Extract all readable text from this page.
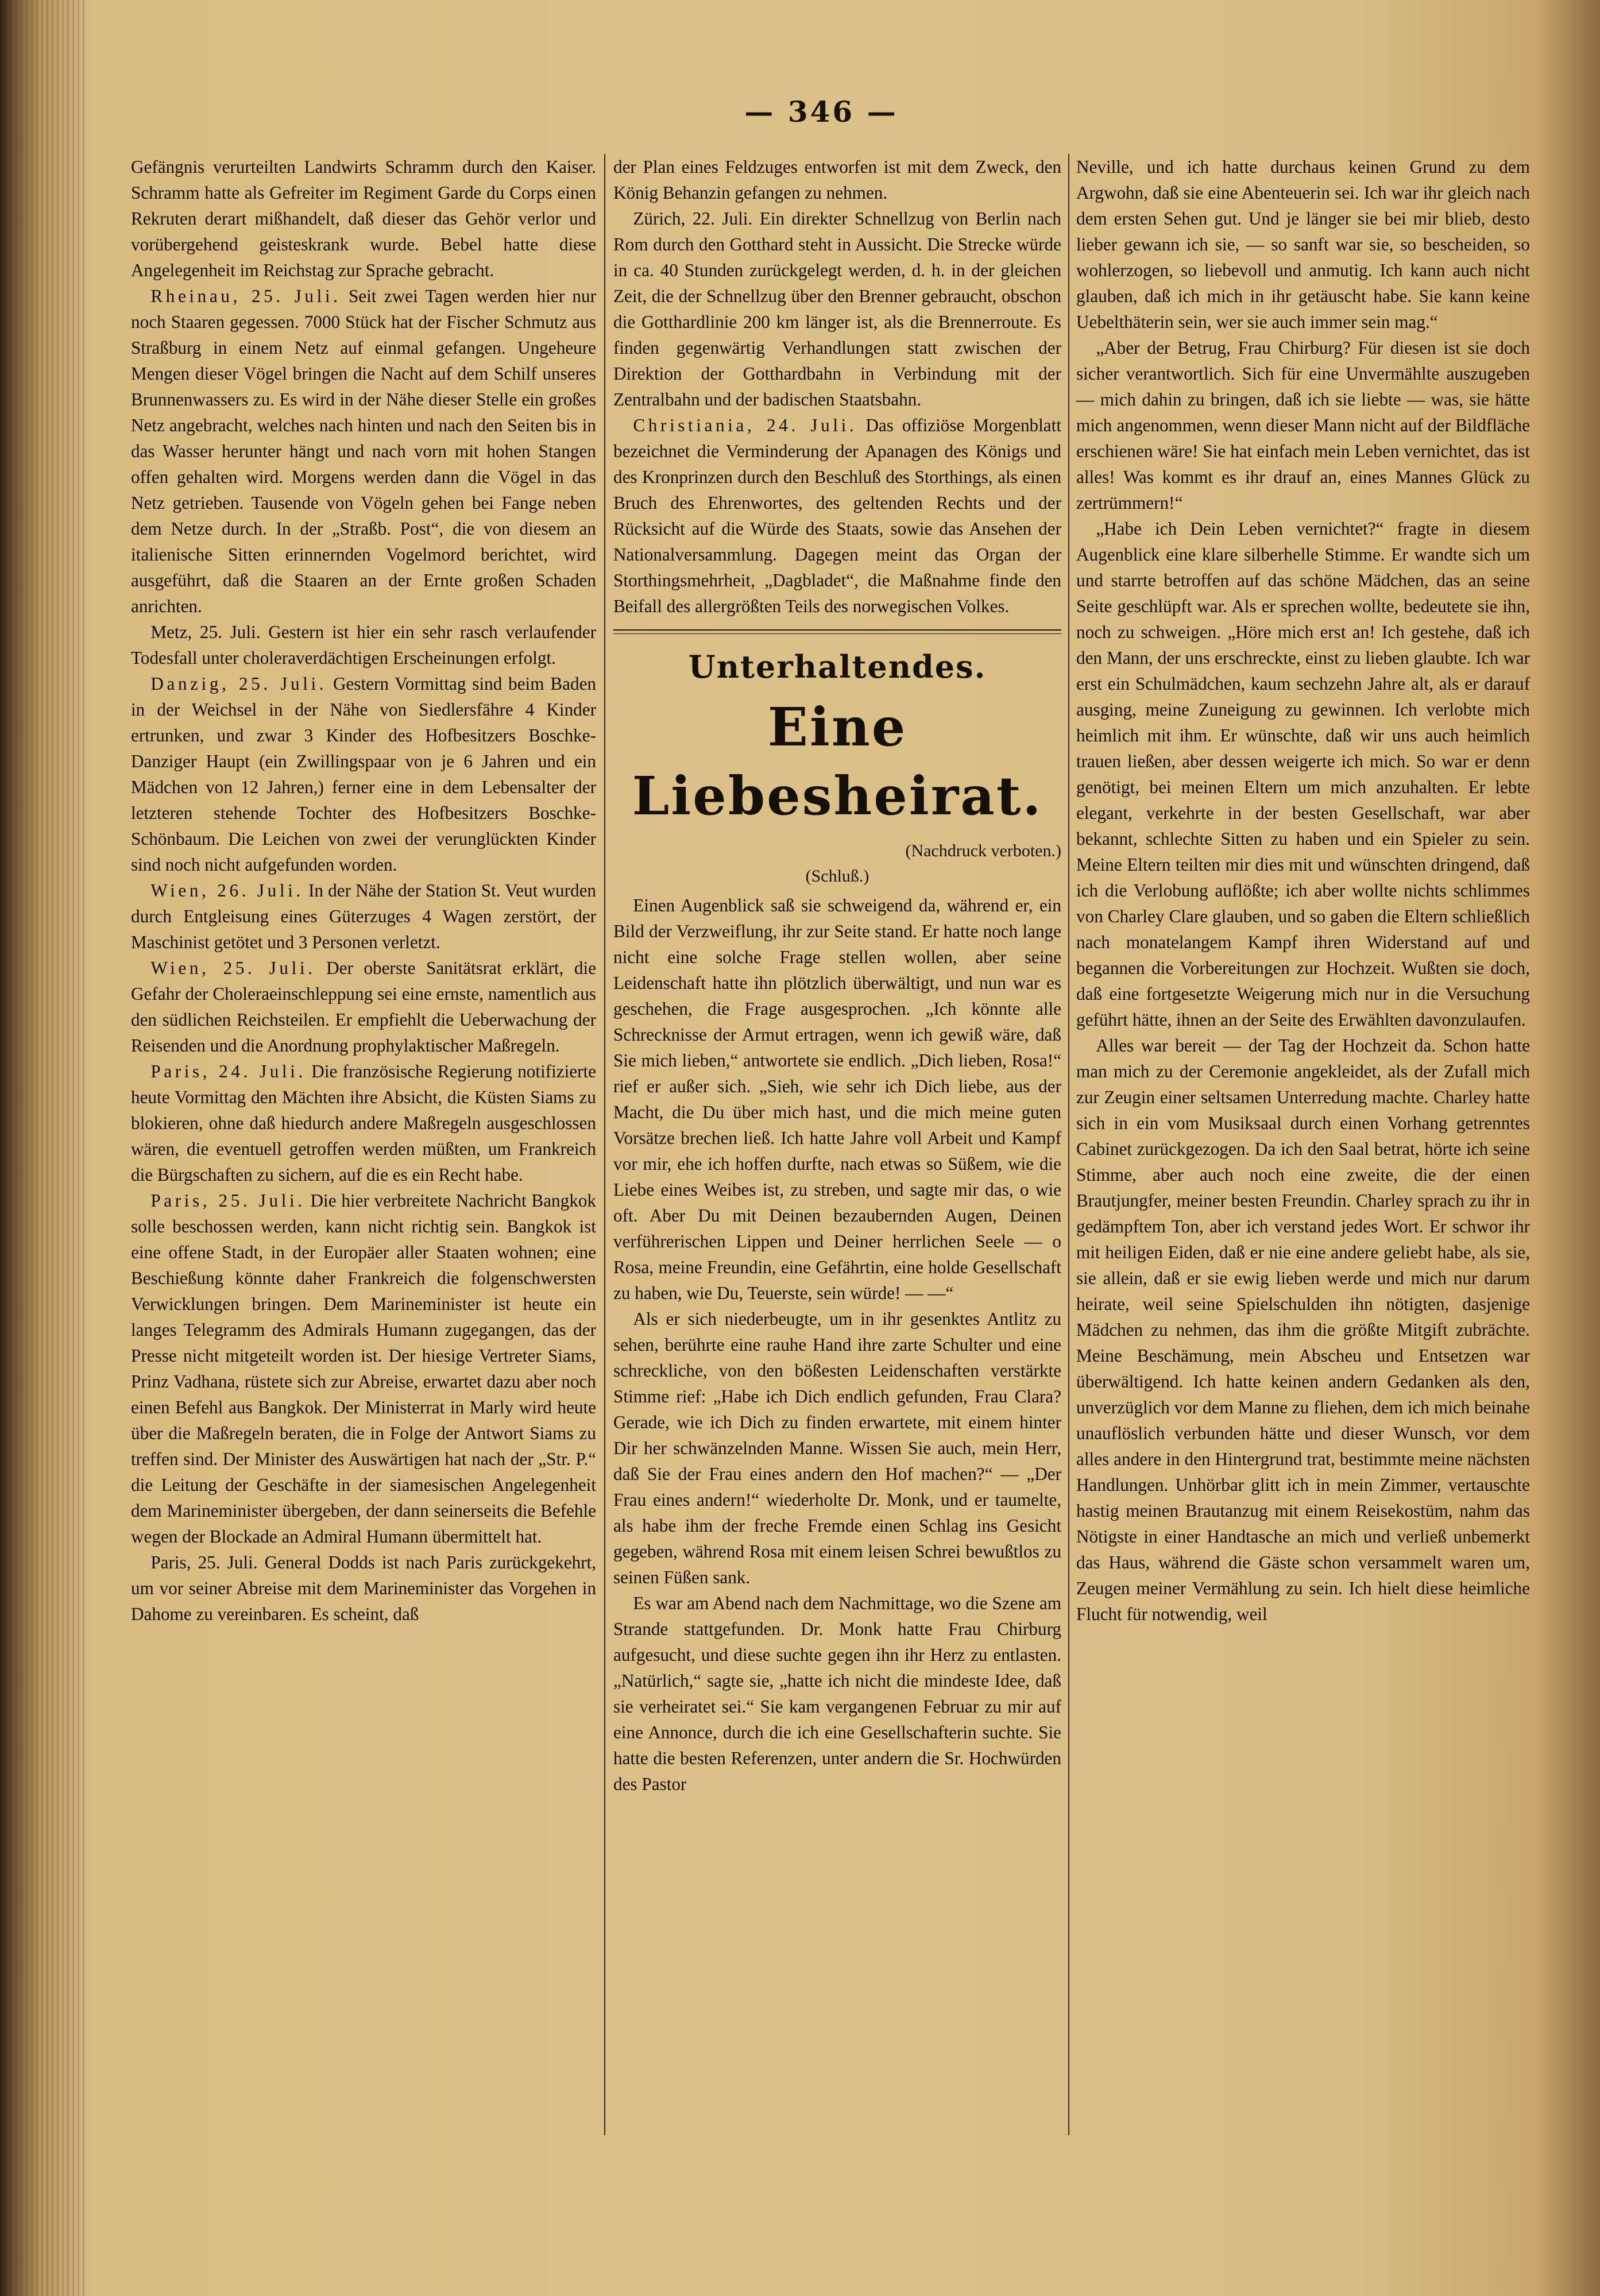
— 346 —

Gefängnis verurteilten Landwirts Schramm durch den Kaiser. Schramm hatte als Gefreiter im Regiment Garde du Corps einen Rekruten derart mißhandelt, daß dieser das Gehör verlor und vorübergehend geisteskrank wurde. Bebel hatte diese Angelegenheit im Reichstag zur Sprache gebracht.

Rheinau, 25. Juli. Seit zwei Tagen werden hier nur noch Staaren gegessen. 7000 Stück hat der Fischer Schmutz aus Straßburg in einem Netz auf einmal gefangen. Ungeheure Mengen dieser Vögel bringen die Nacht auf dem Schilf unseres Brunnenwassers zu. Es wird in der Nähe dieser Stelle ein großes Netz angebracht, welches nach hinten und nach den Seiten bis in das Wasser herunter hängt und nach vorn mit hohen Stangen offen gehalten wird. Morgens werden dann die Vögel in das Netz getrieben. Tausende von Vögeln gehen bei Fange neben dem Netze durch. In der „Straßb. Post“, die von diesem an italienische Sitten erinnernden Vogelmord berichtet, wird ausgeführt, daß die Staaren an der Ernte großen Schaden anrichten.

Metz, 25. Juli. Gestern ist hier ein sehr rasch verlaufender Todesfall unter choleraverdächtigen Erscheinungen erfolgt.

Danzig, 25. Juli. Gestern Vormittag sind beim Baden in der Weichsel in der Nähe von Siedlersfähre 4 Kinder ertrunken, und zwar 3 Kinder des Hofbesitzers Boschke-Danziger Haupt (ein Zwillingspaar von je 6 Jahren und ein Mädchen von 12 Jahren,) ferner eine in dem Lebensalter der letzteren stehende Tochter des Hofbesitzers Boschke-Schönbaum. Die Leichen von zwei der verunglückten Kinder sind noch nicht aufgefunden worden.

Wien, 26. Juli. In der Nähe der Station St. Veut wurden durch Entgleisung eines Güterzuges 4 Wagen zerstört, der Maschinist getötet und 3 Personen verletzt.

Wien, 25. Juli. Der oberste Sanitätsrat erklärt, die Gefahr der Choleraeinschleppung sei eine ernste, namentlich aus den südlichen Reichsteilen. Er empfiehlt die Ueberwachung der Reisenden und die Anordnung prophylaktischer Maßregeln.

Paris, 24. Juli. Die französische Regierung notifizierte heute Vormittag den Mächten ihre Absicht, die Küsten Siams zu blokieren, ohne daß hiedurch andere Maßregeln ausgeschlossen wären, die eventuell getroffen werden müßten, um Frankreich die Bürgschaften zu sichern, auf die es ein Recht habe.

Paris, 25. Juli. Die hier verbreitete Nachricht Bangkok solle beschossen werden, kann nicht richtig sein. Bangkok ist eine offene Stadt, in der Europäer aller Staaten wohnen; eine Beschießung könnte daher Frankreich die folgenschwersten Verwicklungen bringen. Dem Marineminister ist heute ein langes Telegramm des Admirals Humann zugegangen, das der Presse nicht mitgeteilt worden ist. Der hiesige Vertreter Siams, Prinz Vadhana, rüstete sich zur Abreise, erwartet dazu aber noch einen Befehl aus Bangkok. Der Ministerrat in Marly wird heute über die Maßregeln beraten, die in Folge der Antwort Siams zu treffen sind. Der Minister des Auswärtigen hat nach der „Str. P.“ die Leitung der Geschäfte in der siamesischen Angelegenheit dem Marineminister übergeben, der dann seinerseits die Befehle wegen der Blockade an Admiral Humann übermittelt hat.

Paris, 25. Juli. General Dodds ist nach Paris zurückgekehrt, um vor seiner Abreise mit dem Marineminister das Vorgehen in Dahome zu vereinbaren. Es scheint, daß

der Plan eines Feldzuges entworfen ist mit dem Zweck, den König Behanzin gefangen zu nehmen.

Zürich, 22. Juli. Ein direkter Schnellzug von Berlin nach Rom durch den Gotthard steht in Aussicht. Die Strecke würde in ca. 40 Stunden zurückgelegt werden, d. h. in der gleichen Zeit, die der Schnellzug über den Brenner gebraucht, obschon die Gotthardlinie 200 km länger ist, als die Brennerroute. Es finden gegenwärtig Verhandlungen statt zwischen der Direktion der Gotthardbahn in Verbindung mit der Zentralbahn und der badischen Staatsbahn.

Christiania, 24. Juli. Das offiziöse Morgenblatt bezeichnet die Verminderung der Apanagen des Königs und des Kronprinzen durch den Beschluß des Storthings, als einen Bruch des Ehrenwortes, des geltenden Rechts und der Rücksicht auf die Würde des Staats, sowie das Ansehen der Nationalversammlung. Dagegen meint das Organ der Storthingsmehrheit, „Dagbladet“, die Maßnahme finde den Beifall des allergrößten Teils des norwegischen Volkes.

Unterhaltendes.
Eine Liebesheirat.
(Nachdruck verboten.)
(Schluß.)

Einen Augenblick saß sie schweigend da, während er, ein Bild der Verzweiflung, ihr zur Seite stand. Er hatte noch lange nicht eine solche Frage stellen wollen, aber seine Leidenschaft hatte ihn plötzlich überwältigt, und nun war es geschehen, die Frage ausgesprochen. „Ich könnte alle Schrecknisse der Armut ertragen, wenn ich gewiß wäre, daß Sie mich lieben,“ antwortete sie endlich. „Dich lieben, Rosa!“ rief er außer sich. „Sieh, wie sehr ich Dich liebe, aus der Macht, die Du über mich hast, und die mich meine guten Vorsätze brechen ließ. Ich hatte Jahre voll Arbeit und Kampf vor mir, ehe ich hoffen durfte, nach etwas so Süßem, wie die Liebe eines Weibes ist, zu streben, und sagte mir das, o wie oft. Aber Du mit Deinen bezaubernden Augen, Deinen verführerischen Lippen und Deiner herrlichen Seele — o Rosa, meine Freundin, eine Gefährtin, eine holde Gesellschaft zu haben, wie Du, Teuerste, sein würde! — —“

Als er sich niederbeugte, um in ihr gesenktes Antlitz zu sehen, berührte eine rauhe Hand ihre zarte Schulter und eine schreckliche, von den bößesten Leidenschaften verstärkte Stimme rief: „Habe ich Dich endlich gefunden, Frau Clara? Gerade, wie ich Dich zu finden erwartete, mit einem hinter Dir her schwänzelnden Manne. Wissen Sie auch, mein Herr, daß Sie der Frau eines andern den Hof machen?“ — „Der Frau eines andern!“ wiederholte Dr. Monk, und er taumelte, als habe ihm der freche Fremde einen Schlag ins Gesicht gegeben, während Rosa mit einem leisen Schrei bewußtlos zu seinen Füßen sank.

Es war am Abend nach dem Nachmittage, wo die Szene am Strande stattgefunden. Dr. Monk hatte Frau Chirburg aufgesucht, und diese suchte gegen ihn ihr Herz zu entlasten. „Natürlich,“ sagte sie, „hatte ich nicht die mindeste Idee, daß sie verheiratet sei.“ Sie kam vergangenen Februar zu mir auf eine Annonce, durch die ich eine Gesellschafterin suchte. Sie hatte die besten Referenzen, unter andern die Sr. Hochwürden des Pastor

Neville, und ich hatte durchaus keinen Grund zu dem Argwohn, daß sie eine Abenteuerin sei. Ich war ihr gleich nach dem ersten Sehen gut. Und je länger sie bei mir blieb, desto lieber gewann ich sie, — so sanft war sie, so bescheiden, so wohlerzogen, so liebevoll und anmutig. Ich kann auch nicht glauben, daß ich mich in ihr getäuscht habe. Sie kann keine Uebelthäterin sein, wer sie auch immer sein mag.“

„Aber der Betrug, Frau Chirburg? Für diesen ist sie doch sicher verantwortlich. Sich für eine Unvermählte auszugeben — mich dahin zu bringen, daß ich sie liebte — was, sie hätte mich angenommen, wenn dieser Mann nicht auf der Bildfläche erschienen wäre! Sie hat einfach mein Leben vernichtet, das ist alles! Was kommt es ihr drauf an, eines Mannes Glück zu zertrümmern!“

„Habe ich Dein Leben vernichtet?“ fragte in diesem Augenblick eine klare silberhelle Stimme. Er wandte sich um und starrte betroffen auf das schöne Mädchen, das an seine Seite geschlüpft war. Als er sprechen wollte, bedeutete sie ihn, noch zu schweigen. „Höre mich erst an! Ich gestehe, daß ich den Mann, der uns erschreckte, einst zu lieben glaubte. Ich war erst ein Schulmädchen, kaum sechzehn Jahre alt, als er darauf ausging, meine Zuneigung zu gewinnen. Ich verlobte mich heimlich mit ihm. Er wünschte, daß wir uns auch heimlich trauen ließen, aber dessen weigerte ich mich. So war er denn genötigt, bei meinen Eltern um mich anzuhalten. Er lebte elegant, verkehrte in der besten Gesellschaft, war aber bekannt, schlechte Sitten zu haben und ein Spieler zu sein. Meine Eltern teilten mir dies mit und wünschten dringend, daß ich die Verlobung auflößte; ich aber wollte nichts schlimmes von Charley Clare glauben, und so gaben die Eltern schließlich nach monatelangem Kampf ihren Widerstand auf und begannen die Vorbereitungen zur Hochzeit. Wußten sie doch, daß eine fortgesetzte Weigerung mich nur in die Versuchung geführt hätte, ihnen an der Seite des Erwählten davonzulaufen.

Alles war bereit — der Tag der Hochzeit da. Schon hatte man mich zu der Ceremonie angekleidet, als der Zufall mich zur Zeugin einer seltsamen Unterredung machte. Charley hatte sich in ein vom Musiksaal durch einen Vorhang getrenntes Cabinet zurückgezogen. Da ich den Saal betrat, hörte ich seine Stimme, aber auch noch eine zweite, die der einen Brautjungfer, meiner besten Freundin. Charley sprach zu ihr in gedämpftem Ton, aber ich verstand jedes Wort. Er schwor ihr mit heiligen Eiden, daß er nie eine andere geliebt habe, als sie, sie allein, daß er sie ewig lieben werde und mich nur darum heirate, weil seine Spielschulden ihn nötigten, dasjenige Mädchen zu nehmen, das ihm die größte Mitgift zubrächte. Meine Beschämung, mein Abscheu und Entsetzen war überwältigend. Ich hatte keinen andern Gedanken als den, unverzüglich vor dem Manne zu fliehen, dem ich mich beinahe unauflöslich verbunden hätte und dieser Wunsch, vor dem alles andere in den Hintergrund trat, bestimmte meine nächsten Handlungen. Unhörbar glitt ich in mein Zimmer, vertauschte hastig meinen Brautanzug mit einem Reisekostüm, nahm das Nötigste in einer Handtasche an mich und verließ unbemerkt das Haus, während die Gäste schon versammelt waren um, Zeugen meiner Vermählung zu sein. Ich hielt diese heimliche Flucht für notwendig, weil
